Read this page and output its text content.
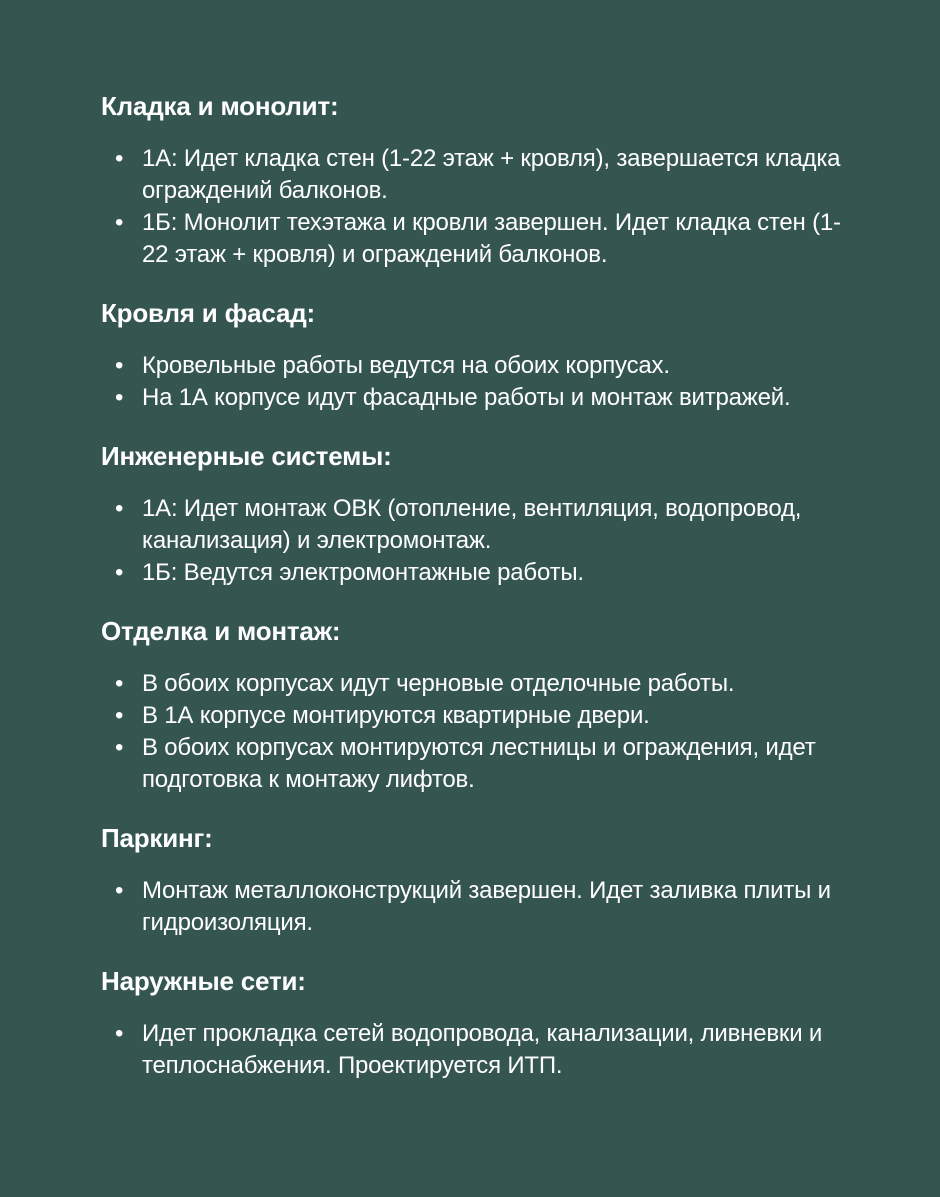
Кладка и монолит:
• 1А: Идет кладка стен (1-22 этаж + кровля), завершается кладка ограждений балконов.
• 1Б: Монолит техэтажа и кровли завершен. Идет кладка стен (1-22 этаж + кровля) и ограждений балконов.
Кровля и фасад:
• Кровельные работы ведутся на обоих корпусах.
• На 1А корпусе идут фасадные работы и монтаж витражей.
Инженерные системы:
• 1А: Идет монтаж ОВК (отопление, вентиляция, водопровод, канализация) и электромонтаж.
• 1Б: Ведутся электромонтажные работы.
Отделка и монтаж:
• В обоих корпусах идут черновые отделочные работы.
• В 1А корпусе монтируются квартирные двери.
• В обоих корпусах монтируются лестницы и ограждения, идет подготовка к монтажу лифтов.
Паркинг:
• Монтаж металлоконструкций завершен. Идет заливка плиты и гидроизоляция.
Наружные сети:
• Идет прокладка сетей водопровода, канализации, ливневки и теплоснабжения. Проектируется ИТП.
